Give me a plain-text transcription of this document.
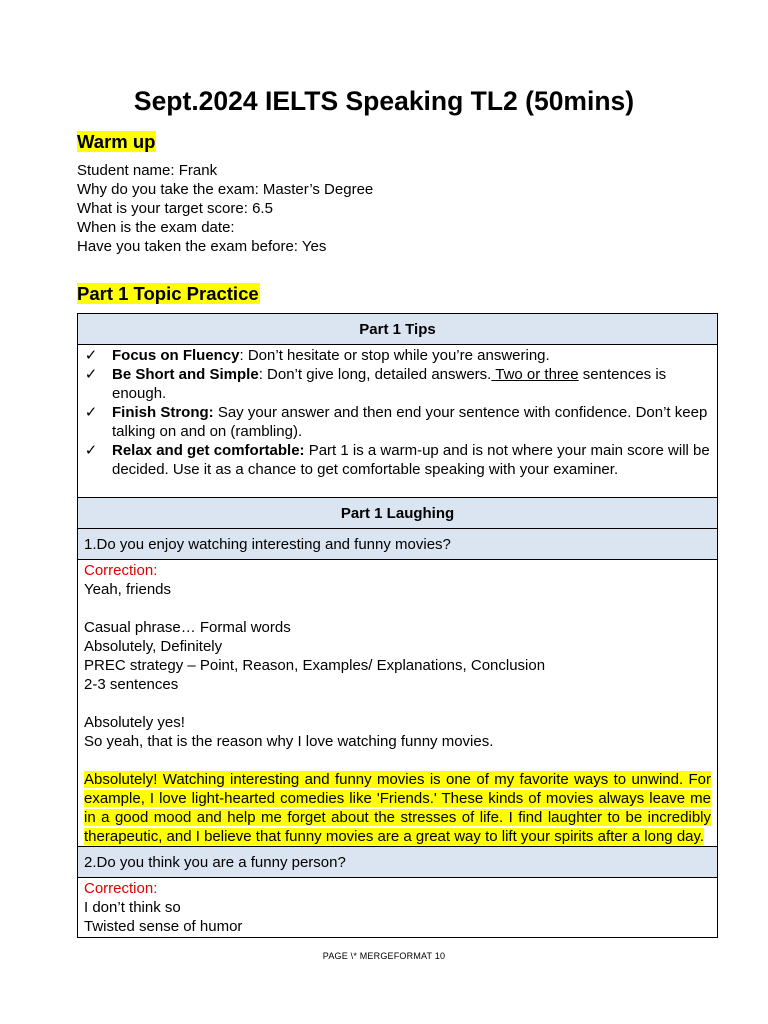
Sept.2024 IELTS Speaking TL2 (50mins)
Warm up
Student name: Frank
Why do you take the exam: Master’s Degree
What is your target score: 6.5
When is the exam date:
Have you taken the exam before: Yes
Part 1 Topic Practice
Part 1 Tips

✓ Focus on Fluency: Don’t hesitate or stop while you’re answering.
✓ Be Short and Simple: Don’t give long, detailed answers. Two or three sentences is enough.
✓ Finish Strong: Say your answer and then end your sentence with confidence. Don’t keep talking on and on (rambling).
✓ Relax and get comfortable: Part 1 is a warm-up and is not where your main score will be decided. Use it as a chance to get comfortable speaking with your examiner.

Part 1 Laughing
1.Do you enjoy watching interesting and funny movies?

Correction:
Yeah, friends
Casual phrase… Formal words
Absolutely, Definitely
PREC strategy – Point, Reason, Examples/ Explanations, Conclusion
2-3 sentences
Absolutely yes!
So yeah, that is the reason why I love watching funny movies.
Absolutely! Watching interesting and funny movies is one of my favorite ways to unwind. For example, I love light-hearted comedies like 'Friends.' These kinds of movies always leave me in a good mood and help me forget about the stresses of life. I find laughter to be incredibly therapeutic, and I believe that funny movies are a great way to lift your spirits after a long day.

2.Do you think you are a funny person?

Correction:
I don’t think so
Twisted sense of humor
PAGE \* MERGEFORMAT 10
